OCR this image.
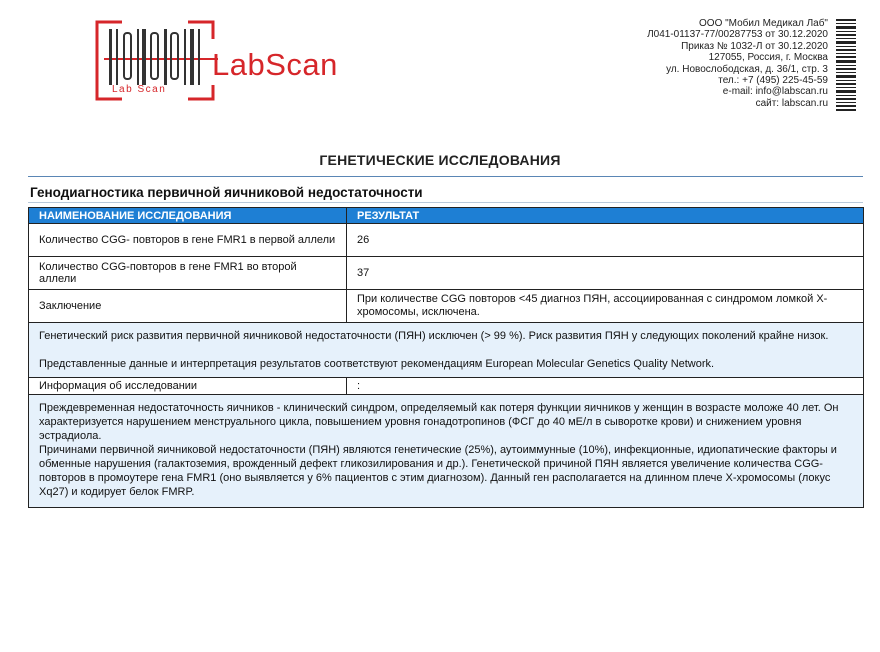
Lab Scan
LabScan
ООО "Мобил Медикал Лаб"
Л041-01137-77/00287753 от 30.12.2020
Приказ № 1032-Л от 30.12.2020
127055, Россия, г. Москва
ул. Новослободская, д. 36/1, стр. 3
тел.: +7 (495) 225-45-59
e-mail: info@labscan.ru
сайт: labscan.ru
ГЕНЕТИЧЕСКИЕ ИССЛЕДОВАНИЯ
Генодиагностика первичной яичниковой недостаточности
НАИМЕНОВАНИЕ ИССЛЕДОВАНИЯ	РЕЗУЛЬТАТ
Количество CGG- повторов в гене FMR1 в первой аллели	26
Количество CGG-повторов в гене FMR1 во второй аллели	37
Заключение	При количестве CGG повторов <45 диагноз ПЯН, ассоциированная с синдромом ломкой Х-хромосомы, исключена.
Генетический риск развития первичной яичниковой недостаточности (ПЯН) исключен (> 99 %). Риск развития ПЯН у следующих поколений крайне низок.
Представленные данные и интерпретация результатов соответствуют рекомендациям European Molecular Genetics Quality Network.	
Информация об исследовании	:

Преждевременная недостаточность яичников - клинический синдром, определяемый как потеря функции яичников у женщин в возрасте моложе 40 лет. Он характеризуется нарушением менструального цикла, повышением уровня гонадотропинов (ФСГ до 40 мЕ/л в сыворотке крови) и снижением уровня эстрадиола.
Причинами первичной яичниковой недостаточности (ПЯН) являются генетические (25%), аутоиммунные (10%), инфекционные, идиопатические факторы и обменные нарушения (галактоземия, врожденный дефект гликозилирования и др.). Генетической причиной ПЯН является увеличение количества CGG-повторов в промоутере гена FMR1 (оно выявляется у 6% пациентов с этим диагнозом). Данный ген располагается на длинном плече Х-хромосомы (локус Xq27) и кодирует белок FMRP.	
